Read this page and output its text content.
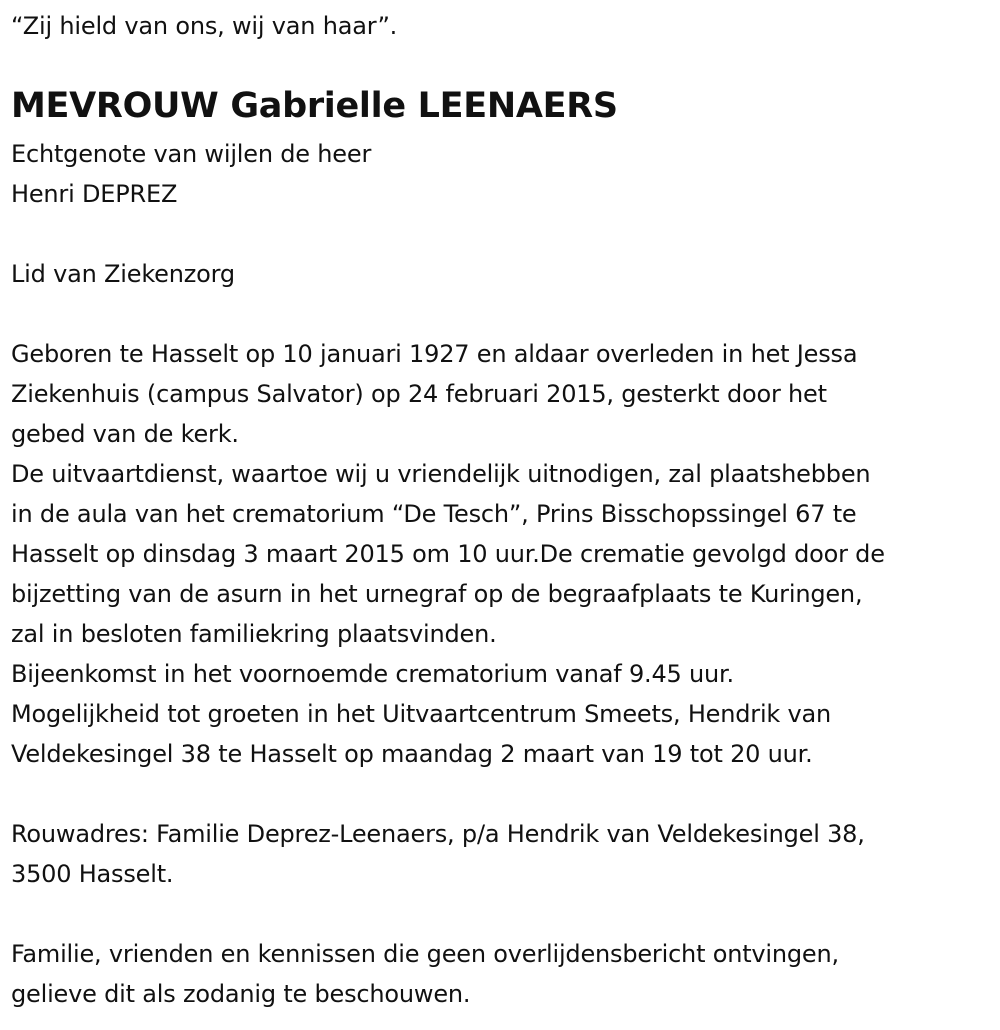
“Zij hield van ons, wij van haar”.
MEVROUW Gabrielle LEENAERS
Echtgenote van wijlen de heer
Henri DEPREZ
Lid van Ziekenzorg
Geboren te Hasselt op 10 januari 1927 en aldaar overleden in het Jessa
Ziekenhuis (campus Salvator) op 24 februari 2015, gesterkt door het
gebed van de kerk.
De uitvaartdienst, waartoe wij u vriendelijk uitnodigen, zal plaatshebben
in de aula van het crematorium “De Tesch”, Prins Bisschopssingel 67 te
Hasselt op dinsdag 3 maart 2015 om 10 uur.De crematie gevolgd door de
bijzetting van de asurn in het urnegraf op de begraafplaats te Kuringen,
zal in besloten familiekring plaatsvinden.
Bijeenkomst in het voornoemde crematorium vanaf 9.45 uur.
Mogelijkheid tot groeten in het Uitvaartcentrum Smeets, Hendrik van
Veldekesingel 38 te Hasselt op maandag 2 maart van 19 tot 20 uur.
Rouwadres: Familie Deprez-Leenaers, p/a Hendrik van Veldekesingel 38,
3500 Hasselt.
Familie, vrienden en kennissen die geen overlijdensbericht ontvingen,
gelieve dit als zodanig te beschouwen.
